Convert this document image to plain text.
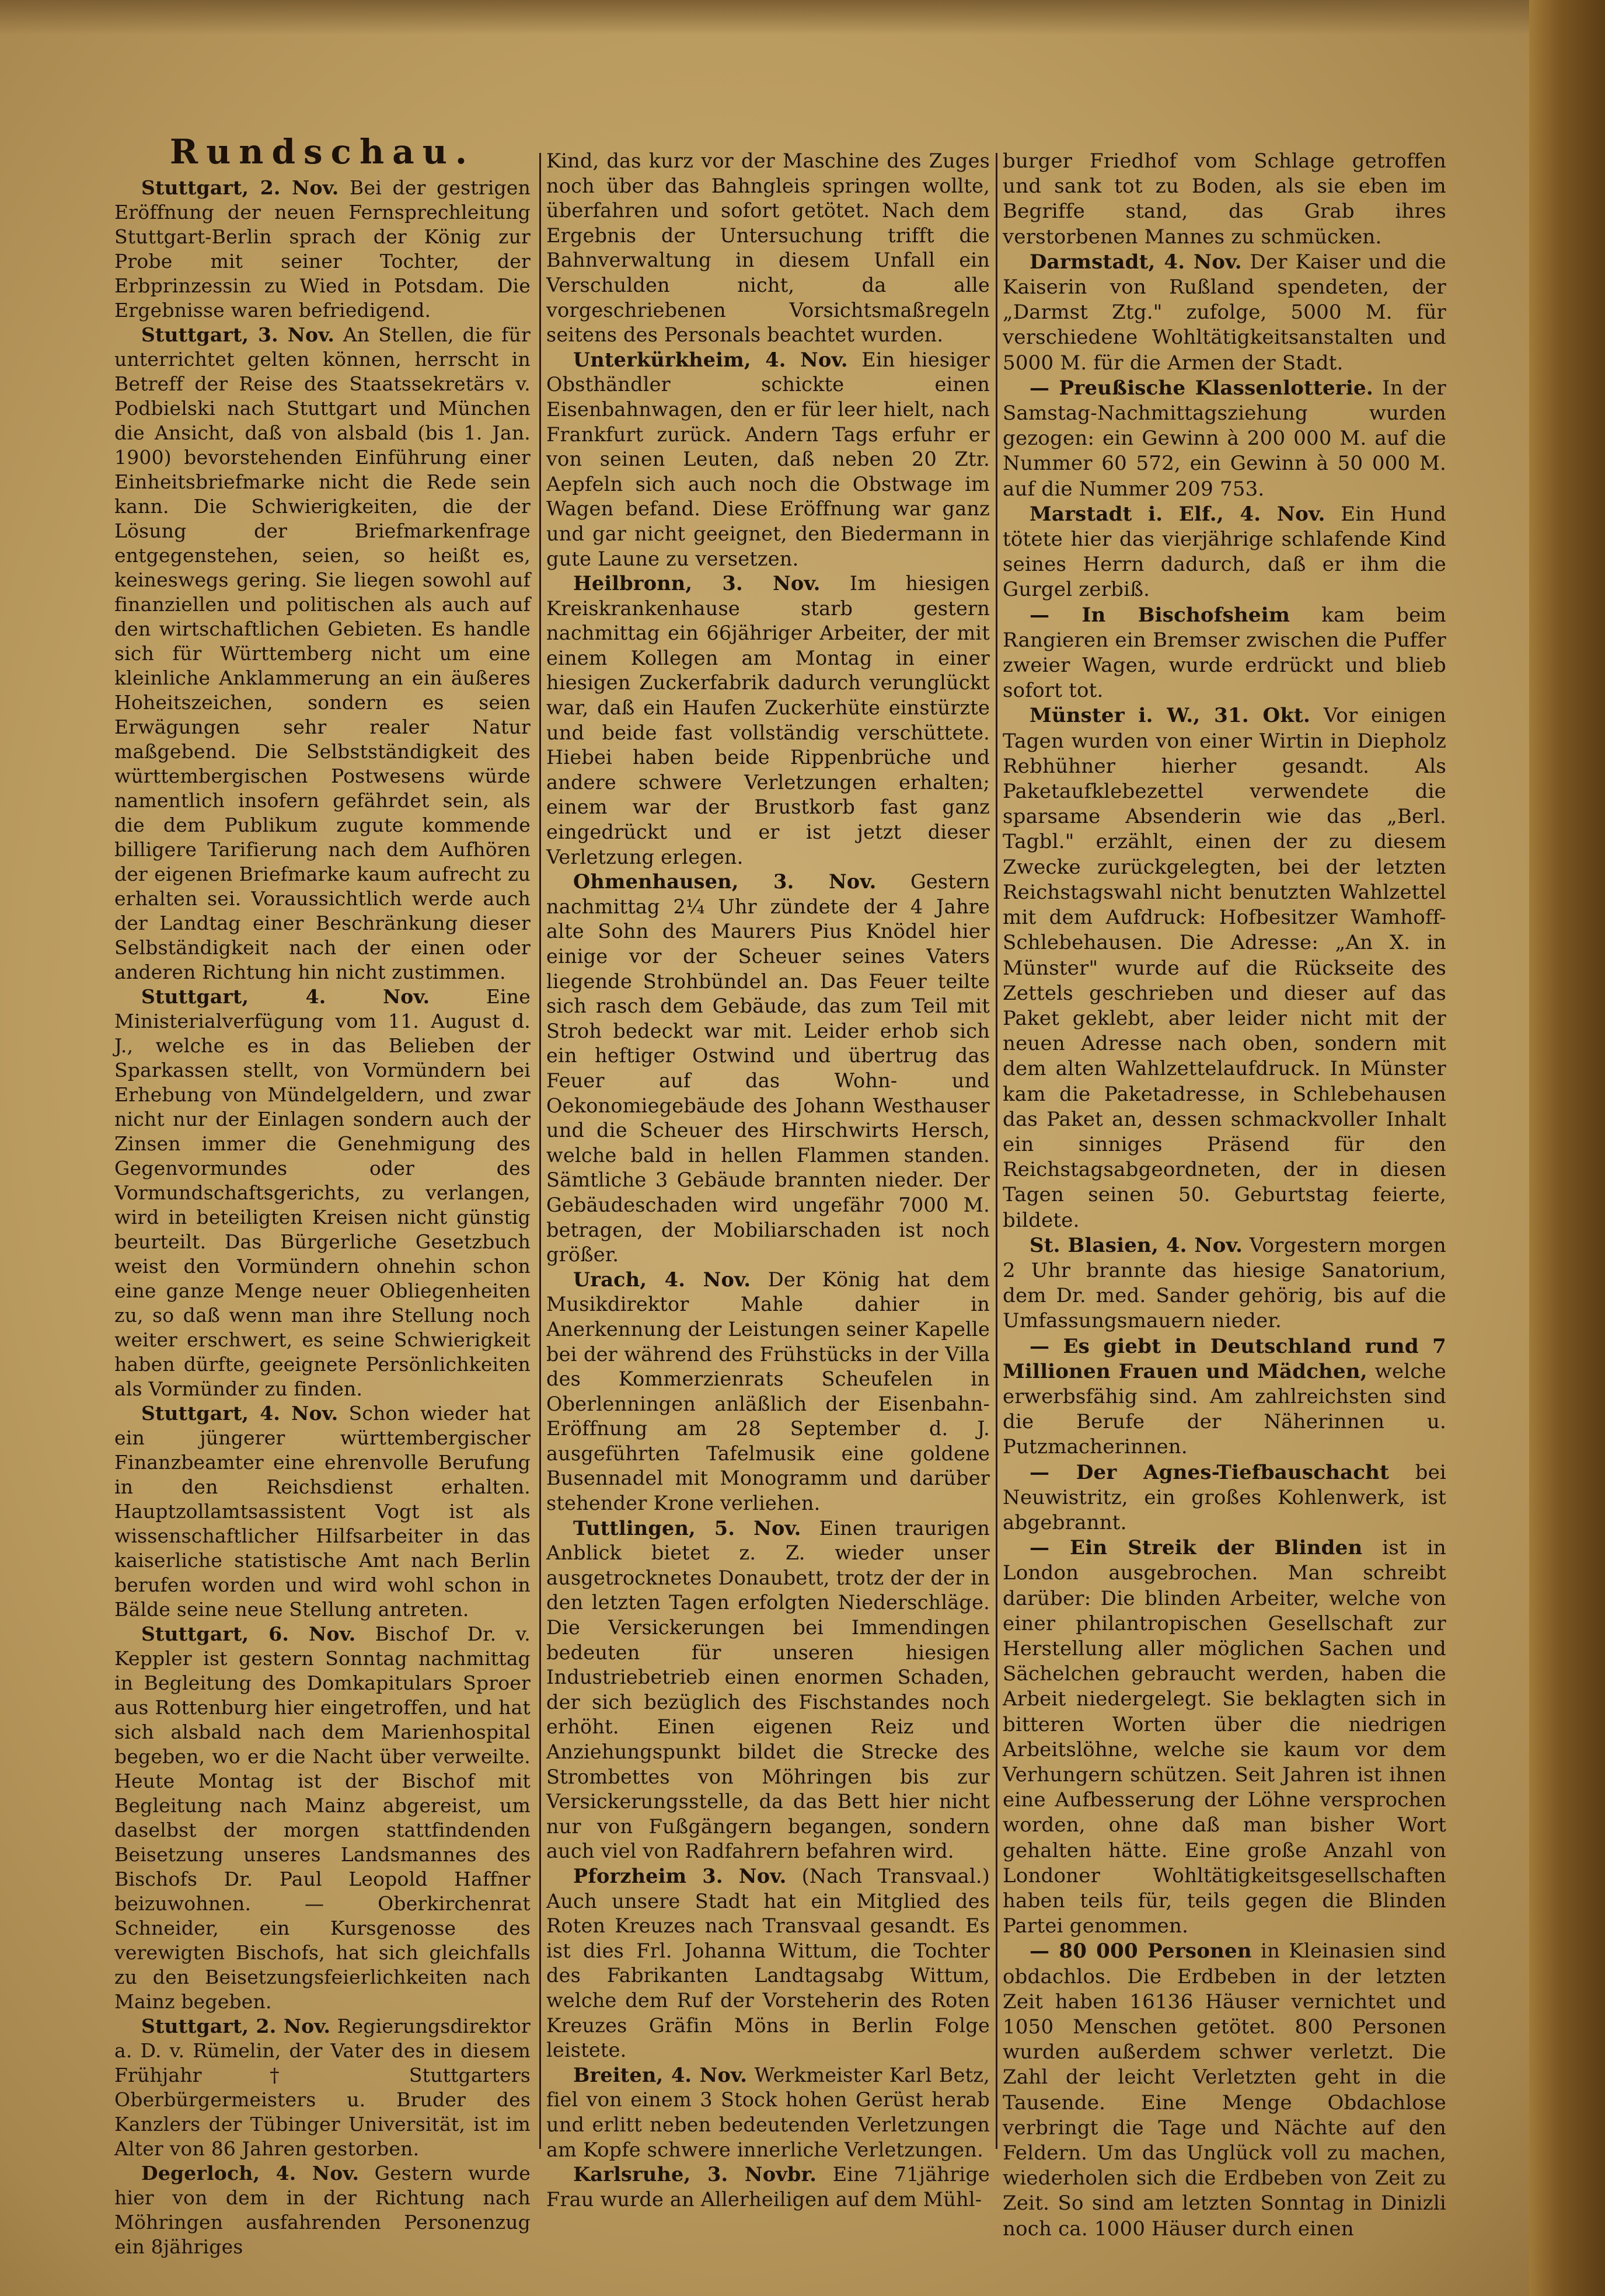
Rundschau.

Stuttgart, 2. Nov. Bei der gestrigen Eröffnung der neuen Fernsprechleitung Stuttgart-Berlin sprach der König zur Probe mit seiner Tochter, der Erbprinzessin zu Wied in Potsdam. Die Ergebnisse waren befriedigend.

Stuttgart, 3. Nov. An Stellen, die für unterrichtet gelten können, herrscht in Betreff der Reise des Staatssekretärs v. Podbielski nach Stuttgart und München die Ansicht, daß von alsbald (bis 1. Jan. 1900) bevorstehenden Einführung einer Einheitsbriefmarke nicht die Rede sein kann. Die Schwierigkeiten, die der Lösung der Briefmarkenfrage entgegenstehen, seien, so heißt es, keineswegs gering. Sie liegen sowohl auf finanziellen und politischen als auch auf den wirtschaftlichen Gebieten. Es handle sich für Württemberg nicht um eine kleinliche Anklammerung an ein äußeres Hoheitszeichen, sondern es seien Erwägungen sehr realer Natur maßgebend. Die Selbstständigkeit des württembergischen Postwesens würde namentlich insofern gefährdet sein, als die dem Publikum zugute kommende billigere Tarifierung nach dem Aufhören der eigenen Briefmarke kaum aufrecht zu erhalten sei. Voraussichtlich werde auch der Landtag einer Beschränkung dieser Selbständigkeit nach der einen oder anderen Richtung hin nicht zustimmen.

Stuttgart, 4. Nov.	Eine Ministerialverfügung vom 11. August d. J., welche es in das Belieben der Sparkassen stellt, von Vormündern bei Erhebung von Mündelgeldern, und zwar nicht nur der Einlagen sondern auch der Zinsen immer die Genehmigung des Gegenvormundes oder des Vormundschaftsgerichts, zu verlangen, wird in beteiligten Kreisen nicht günstig beurteilt. Das Bürgerliche Gesetzbuch weist den Vormündern ohnehin schon eine ganze Menge neuer Obliegenheiten zu, so daß wenn man ihre Stellung noch weiter erschwert, es seine Schwierigkeit haben dürfte, geeignete Persönlichkeiten als Vormünder zu finden.

Stuttgart, 4. Nov. Schon wieder hat ein jüngerer württembergischer Finanzbeamter eine ehrenvolle Berufung in den Reichsdienst erhalten. Hauptzollamtsassistent Vogt ist als wissenschaftlicher Hilfsarbeiter in das kaiserliche statistische Amt nach Berlin berufen worden und wird wohl schon in Bälde seine neue Stellung antreten.

Stuttgart, 6. Nov. Bischof Dr. v. Keppler ist gestern Sonntag nachmittag in Begleitung des Domkapitulars Sproer aus Rottenburg hier eingetroffen, und hat sich alsbald nach dem Marienhospital begeben, wo er die Nacht über verweilte. Heute Montag ist der Bischof mit Begleitung nach Mainz abgereist, um daselbst der morgen stattfindenden Beisetzung unseres Landsmannes des Bischofs Dr. Paul Leopold Haffner beizuwohnen. — Oberkirchenrat Schneider, ein Kursgenosse des verewigten Bischofs, hat sich gleichfalls zu den Beisetzungsfeierlichkeiten nach Mainz begeben.

Stuttgart, 2. Nov. Regierungsdirektor a. D. v. Rümelin, der Vater des in diesem Frühjahr † Stuttgarters Oberbürgermeisters u. Bruder des Kanzlers der Tübinger Universität, ist im Alter von 86 Jahren gestorben.

Degerloch, 4. Nov. Gestern wurde hier von dem in der Richtung nach Möhringen ausfahrenden Personenzug ein 8jähriges

Kind, das kurz vor der Maschine des Zuges noch über das Bahngleis springen wollte, überfahren und sofort getötet. Nach dem Ergebnis der Untersuchung trifft die Bahnverwaltung in diesem Unfall ein Verschulden nicht, da alle vorgeschriebenen Vorsichtsmaßregeln seitens des Personals beachtet wurden.

Unterkürkheim, 4. Nov. Ein hiesiger Obsthändler schickte einen Eisenbahnwagen, den er für leer hielt, nach Frankfurt zurück. Andern Tags erfuhr er von seinen Leuten, daß neben 20 Ztr. Aepfeln sich auch noch die Obstwage im Wagen befand. Diese Eröffnung war ganz und gar nicht geeignet, den Biedermann in gute Laune zu versetzen.

Heilbronn, 3. Nov. Im hiesigen Kreiskrankenhause starb gestern nachmittag ein 66jähriger Arbeiter, der mit einem Kollegen am Montag in einer hiesigen Zuckerfabrik dadurch verunglückt war, daß ein Haufen Zuckerhüte einstürzte und beide fast vollständig verschüttete. Hiebei haben beide Rippenbrüche und andere schwere Verletzungen erhalten; einem war der Brustkorb fast ganz eingedrückt und er ist jetzt dieser Verletzung erlegen.

Ohmenhausen, 3. Nov. Gestern nachmittag 2¼ Uhr zündete der 4 Jahre alte Sohn des Maurers Pius Knödel hier einige vor der Scheuer seines Vaters liegende Strohbündel an. Das Feuer teilte sich rasch dem Gebäude, das zum Teil mit Stroh bedeckt war mit. Leider erhob sich ein heftiger Ostwind und übertrug das Feuer auf das Wohn- und Oekonomiegebäude des Johann Westhauser und die Scheuer des Hirschwirts Hersch, welche bald in hellen Flammen standen. Sämtliche 3 Gebäude brannten nieder. Der Gebäudeschaden wird ungefähr 7000 M. betragen, der Mobiliarschaden ist noch größer.

Urach, 4. Nov. Der König hat dem Musikdirektor Mahle dahier in Anerkennung der Leistungen seiner Kapelle bei der während des Frühstücks in der Villa des Kommerzienrats Scheufelen in Oberlenningen anläßlich der Eisenbahn-Eröffnung am 28 September d. J. ausgeführten Tafelmusik eine goldene Busennadel mit Monogramm und darüber stehender Krone verliehen.

Tuttlingen, 5. Nov. Einen traurigen Anblick bietet z. Z. wieder unser ausgetrocknetes Donaubett, trotz der der in den letzten Tagen erfolgten Niederschläge. Die Versickerungen bei Immendingen bedeuten für unseren hiesigen Industriebetrieb einen enormen Schaden, der sich bezüglich des Fischstandes noch erhöht. Einen eigenen Reiz und Anziehungspunkt bildet die Strecke des Strombettes von Möhringen bis zur Versickerungsstelle, da das Bett hier nicht nur von Fußgängern begangen, sondern auch viel von Radfahrern befahren wird.

Pforzheim 3. Nov. (Nach Transvaal.) Auch unsere Stadt hat ein Mitglied des Roten Kreuzes nach Transvaal gesandt. Es ist dies Frl. Johanna Wittum, die Tochter des Fabrikanten Landtagsabg Wittum, welche dem Ruf der Vorsteherin des Roten Kreuzes Gräfin Möns in Berlin Folge leistete.

Breiten, 4. Nov. Werkmeister Karl Betz, fiel von einem 3 Stock hohen Gerüst herab und erlitt neben bedeutenden Verletzungen am Kopfe schwere innerliche Verletzungen.

Karlsruhe, 3. Novbr. Eine 71jährige Frau wurde an Allerheiligen auf dem Mühl-

burger Friedhof vom Schlage getroffen und sank tot zu Boden, als sie eben im Begriffe stand, das Grab ihres verstorbenen Mannes zu schmücken.

Darmstadt, 4. Nov. Der Kaiser und die Kaiserin von Rußland spendeten, der „Darmst Ztg." zufolge, 5000 M. für verschiedene Wohltätigkeitsanstalten und 5000 M. für die Armen der Stadt.

— Preußische Klassenlotterie. In der Samstag-Nachmittagsziehung wurden gezogen: ein Gewinn à 200 000 M. auf die Nummer 60 572, ein Gewinn à 50 000 M. auf die Nummer 209 753.

Marstadt i. Elf., 4. Nov. Ein Hund tötete hier das vierjährige schlafende Kind seines Herrn dadurch, daß er ihm die Gurgel zerbiß.

— In Bischofsheim kam beim Rangieren ein Bremser zwischen die Puffer zweier Wagen, wurde erdrückt und blieb sofort tot.

Münster i. W., 31. Okt. Vor einigen Tagen wurden von einer Wirtin in Diepholz Rebhühner hierher gesandt. Als Paketaufklebezettel verwendete die sparsame Absenderin wie das „Berl. Tagbl." erzählt, einen der zu diesem Zwecke zurückgelegten, bei der letzten Reichstagswahl nicht benutzten Wahlzettel mit dem Aufdruck: Hofbesitzer Wamhoff-Schlebehausen. Die Adresse: „An X. in Münster" wurde auf die Rückseite des Zettels geschrieben und dieser auf das Paket geklebt, aber leider nicht mit der neuen Adresse nach oben, sondern mit dem alten Wahlzettelaufdruck. In Münster kam die Paketadresse, in Schlebehausen das Paket an, dessen schmackvoller Inhalt ein sinniges Präsend für den Reichstagsabgeordneten, der in diesen Tagen seinen 50. Geburtstag feierte, bildete.

St. Blasien, 4. Nov. Vorgestern morgen 2 Uhr brannte das hiesige Sanatorium, dem Dr. med. Sander gehörig, bis auf die Umfassungsmauern nieder.

— Es giebt in Deutschland rund 7 Millionen Frauen und Mädchen, welche erwerbsfähig sind. Am zahlreichsten sind die Berufe der Näherinnen u. Putzmacherinnen.

— Der Agnes-Tiefbauschacht bei Neuwistritz, ein großes Kohlenwerk, ist abgebrannt.

— Ein Streik der Blinden ist in London ausgebrochen. Man schreibt darüber: Die blinden Arbeiter, welche von einer philantropischen Gesellschaft zur Herstellung aller möglichen Sachen und Sächelchen gebraucht werden, haben die Arbeit niedergelegt. Sie beklagten sich in bitteren Worten über die niedrigen Arbeitslöhne, welche sie kaum vor dem Verhungern schützen. Seit Jahren ist ihnen eine Aufbesserung der Löhne versprochen worden, ohne daß man bisher Wort gehalten hätte. Eine große Anzahl von Londoner Wohltätigkeitsgesellschaften haben teils für, teils gegen die Blinden Partei genommen.

— 80 000 Personen in Kleinasien sind obdachlos. Die Erdbeben in der letzten Zeit haben 16136 Häuser vernichtet und 1050 Menschen getötet. 800 Personen wurden außerdem schwer verletzt. Die Zahl der leicht Verletzten geht in die Tausende. Eine Menge Obdachlose verbringt die Tage und Nächte auf den Feldern. Um das Unglück voll zu machen, wiederholen sich die Erdbeben von Zeit zu Zeit. So sind am letzten Sonntag in Dinizli noch ca. 1000 Häuser durch einen
